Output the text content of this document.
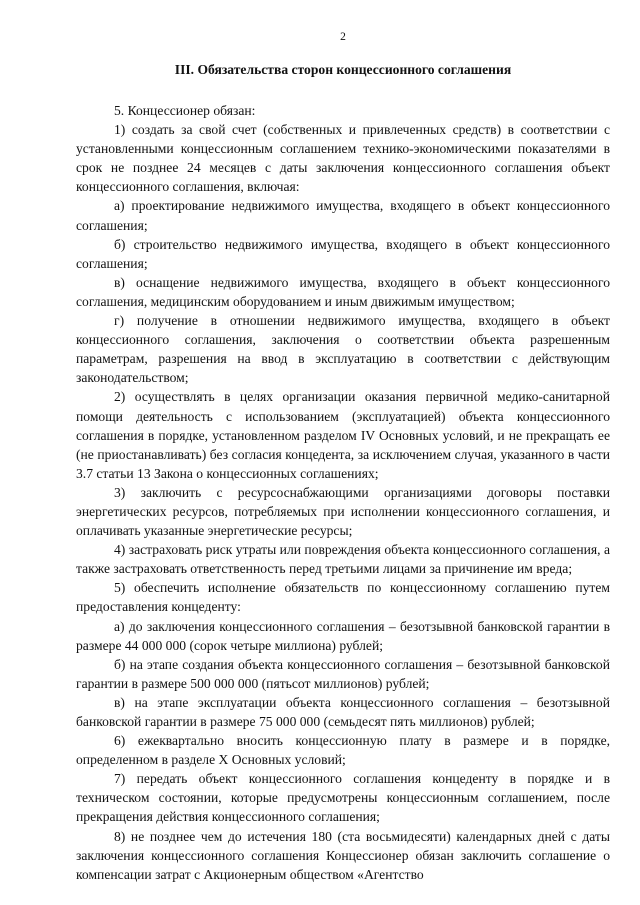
2
III. Обязательства сторон концессионного соглашения

5. Концессионер обязан:

1) создать за свой счет (собственных и привлеченных средств) в соответствии с установленными концессионным соглашением технико-экономическими показателями в срок не позднее 24 месяцев с даты заключения концессионного соглашения объект концессионного соглашения, включая:

а) проектирование недвижимого имущества, входящего в объект концессионного соглашения;

б) строительство недвижимого имущества, входящего в объект концессионного соглашения;

в) оснащение недвижимого имущества, входящего в объект концессионного соглашения, медицинским оборудованием и иным движимым имуществом;

г) получение в отношении недвижимого имущества, входящего в объект концессионного соглашения, заключения о соответствии объекта разрешенным параметрам, разрешения на ввод в эксплуатацию в соответствии с действующим законодательством;

2) осуществлять в целях организации оказания первичной медико-санитарной помощи деятельность с использованием (эксплуатацией) объекта концессионного соглашения в порядке, установленном разделом IV Основных условий, и не прекращать ее (не приостанавливать) без согласия концедента, за исключением случая, указанного в части 3.7 статьи 13 Закона о концессионных соглашениях;

3) заключить с ресурсоснабжающими организациями договоры поставки энергетических ресурсов, потребляемых при исполнении концессионного соглашения, и оплачивать указанные энергетические ресурсы;

4) застраховать риск утраты или повреждения объекта концессионного соглашения, а также застраховать ответственность перед третьими лицами за причинение им вреда;

5) обеспечить исполнение обязательств по концессионному соглашению путем предоставления концеденту:

а) до заключения концессионного соглашения – безотзывной банковской гарантии в размере 44 000 000 (сорок четыре миллиона) рублей;

б) на этапе создания объекта концессионного соглашения – безотзывной банковской гарантии в размере 500 000 000 (пятьсот миллионов) рублей;

в) на этапе эксплуатации объекта концессионного соглашения – безотзывной банковской гарантии в размере 75 000 000 (семьдесят пять миллионов) рублей;

6) ежеквартально вносить концессионную плату в размере и в порядке, определенном в разделе X Основных условий;

7) передать объект концессионного соглашения концеденту в порядке и в техническом состоянии, которые предусмотрены концессионным соглашением, после прекращения действия концессионного соглашения;

8) не позднее чем до истечения 180 (ста восьмидесяти) календарных дней с даты заключения концессионного соглашения Концессионер обязан заключить соглашение о компенсации затрат с Акционерным обществом «Агентство
